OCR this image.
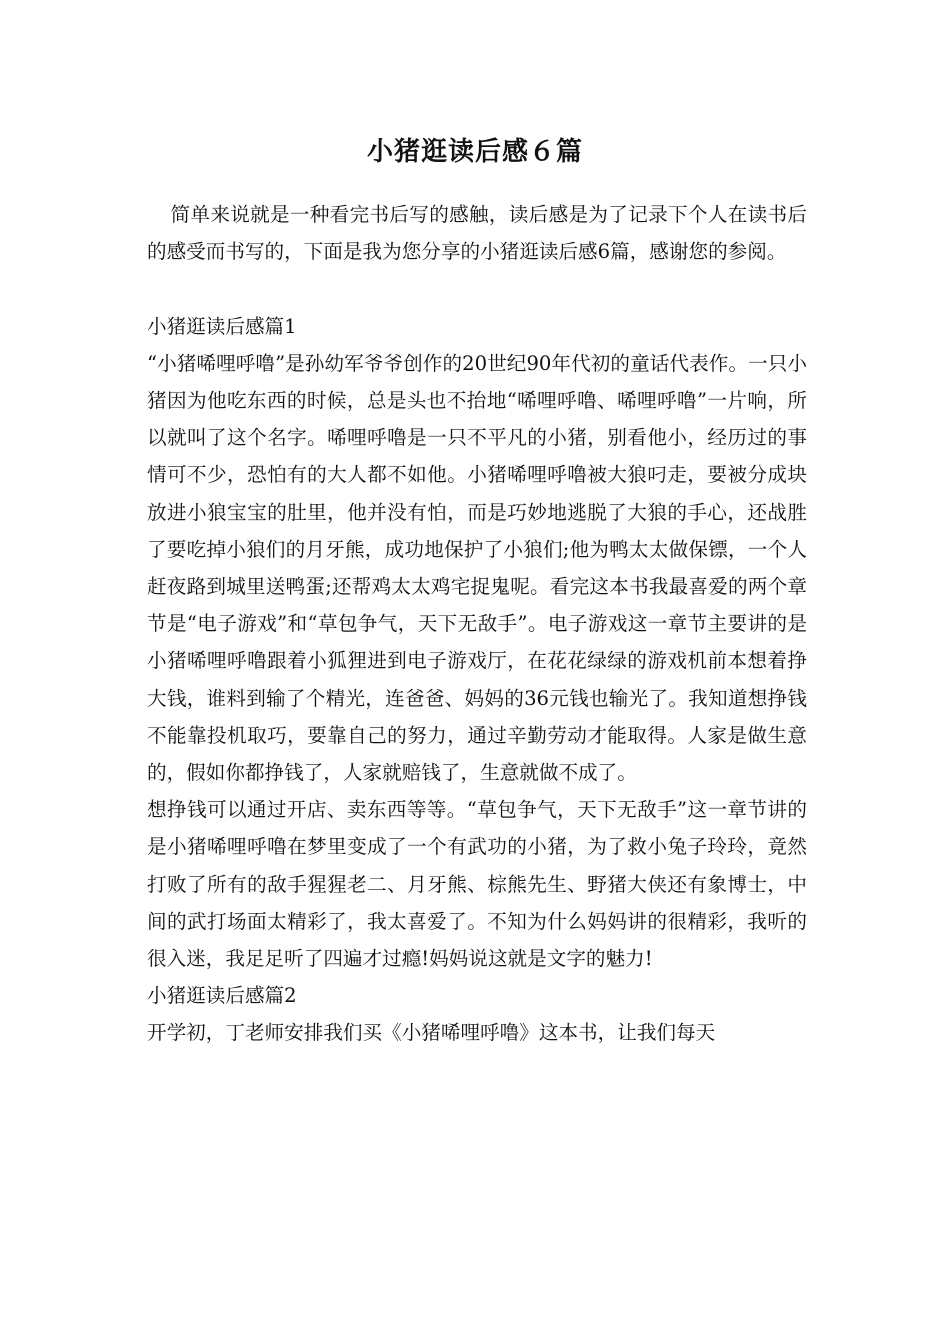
小猪逛读后感６篇

简单来说就是一种看完书后写的感触，读后感是为了记录下个人在读书后的感受而书写的，下面是我为您分享的小猪逛读后感6篇，感谢您的参阅。

小猪逛读后感篇1

“小猪唏哩呼噜”是孙幼军爷爷创作的20世纪90年代初的童话代表作。一只小猪因为他吃东西的时候，总是头也不抬地“唏哩呼噜、唏哩呼噜”一片响，所以就叫了这个名字。唏哩呼噜是一只不平凡的小猪，别看他小，经历过的事情可不少，恐怕有的大人都不如他。小猪唏哩呼噜被大狼叼走，要被分成块放进小狼宝宝的肚里，他并没有怕，而是巧妙地逃脱了大狼的手心，还战胜了要吃掉小狼们的月牙熊，成功地保护了小狼们;他为鸭太太做保镖，一个人赶夜路到城里送鸭蛋;还帮鸡太太鸡宅捉鬼呢。看完这本书我最喜爱的两个章节是“电子游戏”和“草包争气，天下无敌手”。电子游戏这一章节主要讲的是小猪唏哩呼噜跟着小狐狸进到电子游戏厅，在花花绿绿的游戏机前本想着挣大钱，谁料到输了个精光，连爸爸、妈妈的36元钱也输光了。我知道想挣钱不能靠投机取巧，要靠自己的努力，通过辛勤劳动才能取得。人家是做生意的，假如你都挣钱了，人家就赔钱了，生意就做不成了。

想挣钱可以通过开店、卖东西等等。“草包争气，天下无敌手”这一章节讲的是小猪唏哩呼噜在梦里变成了一个有武功的小猪，为了救小兔子玲玲，竟然打败了所有的敌手猩猩老二、月牙熊、棕熊先生、野猪大侠还有象博士，中间的武打场面太精彩了，我太喜爱了。不知为什么妈妈讲的很精彩，我听的很入迷，我足足听了四遍才过瘾!妈妈说这就是文字的魅力!

小猪逛读后感篇2

开学初，丁老师安排我们买《小猪唏哩呼噜》这本书，让我们每天
